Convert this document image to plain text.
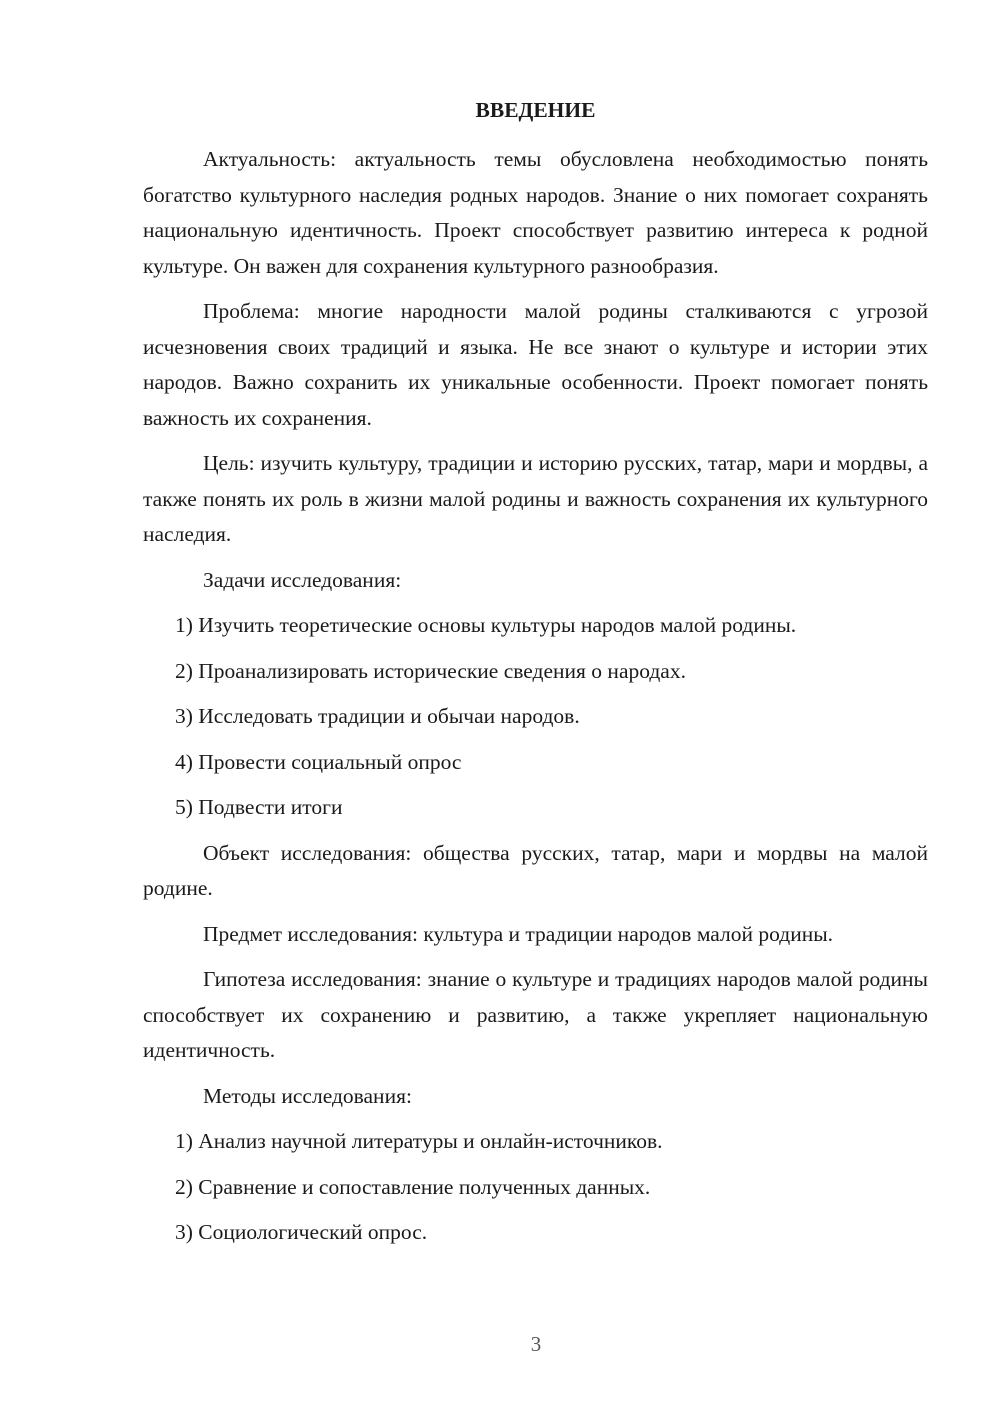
ВВЕДЕНИЕ

Актуальность: актуальность темы обусловлена необходимостью понять богатство культурного наследия родных народов. Знание о них помогает сохранять национальную идентичность. Проект способствует развитию интереса к родной культуре. Он важен для сохранения культурного разнообразия.

Проблема: многие народности малой родины сталкиваются с угрозой исчезновения своих традиций и языка. Не все знают о культуре и истории этих народов. Важно сохранить их уникальные особенности. Проект помогает понять важность их сохранения.

Цель: изучить культуру, традиции и историю русских, татар, мари и мордвы, а также понять их роль в жизни малой родины и важность сохранения их культурного наследия.

Задачи исследования:

1) Изучить теоретические основы культуры народов малой родины.
2) Проанализировать исторические сведения о народах.
3) Исследовать традиции и обычаи народов.
4) Провести социальный опрос
5) Подвести итоги

Объект исследования: общества русских, татар, мари и мордвы на малой родине.

Предмет исследования: культура и традиции народов малой родины.

Гипотеза исследования: знание о культуре и традициях народов малой родины способствует их сохранению и развитию, а также укрепляет национальную идентичность.

Методы исследования:

1) Анализ научной литературы и онлайн-источников.
2) Сравнение и сопоставление полученных данных.
3) Социологический опрос.
3
